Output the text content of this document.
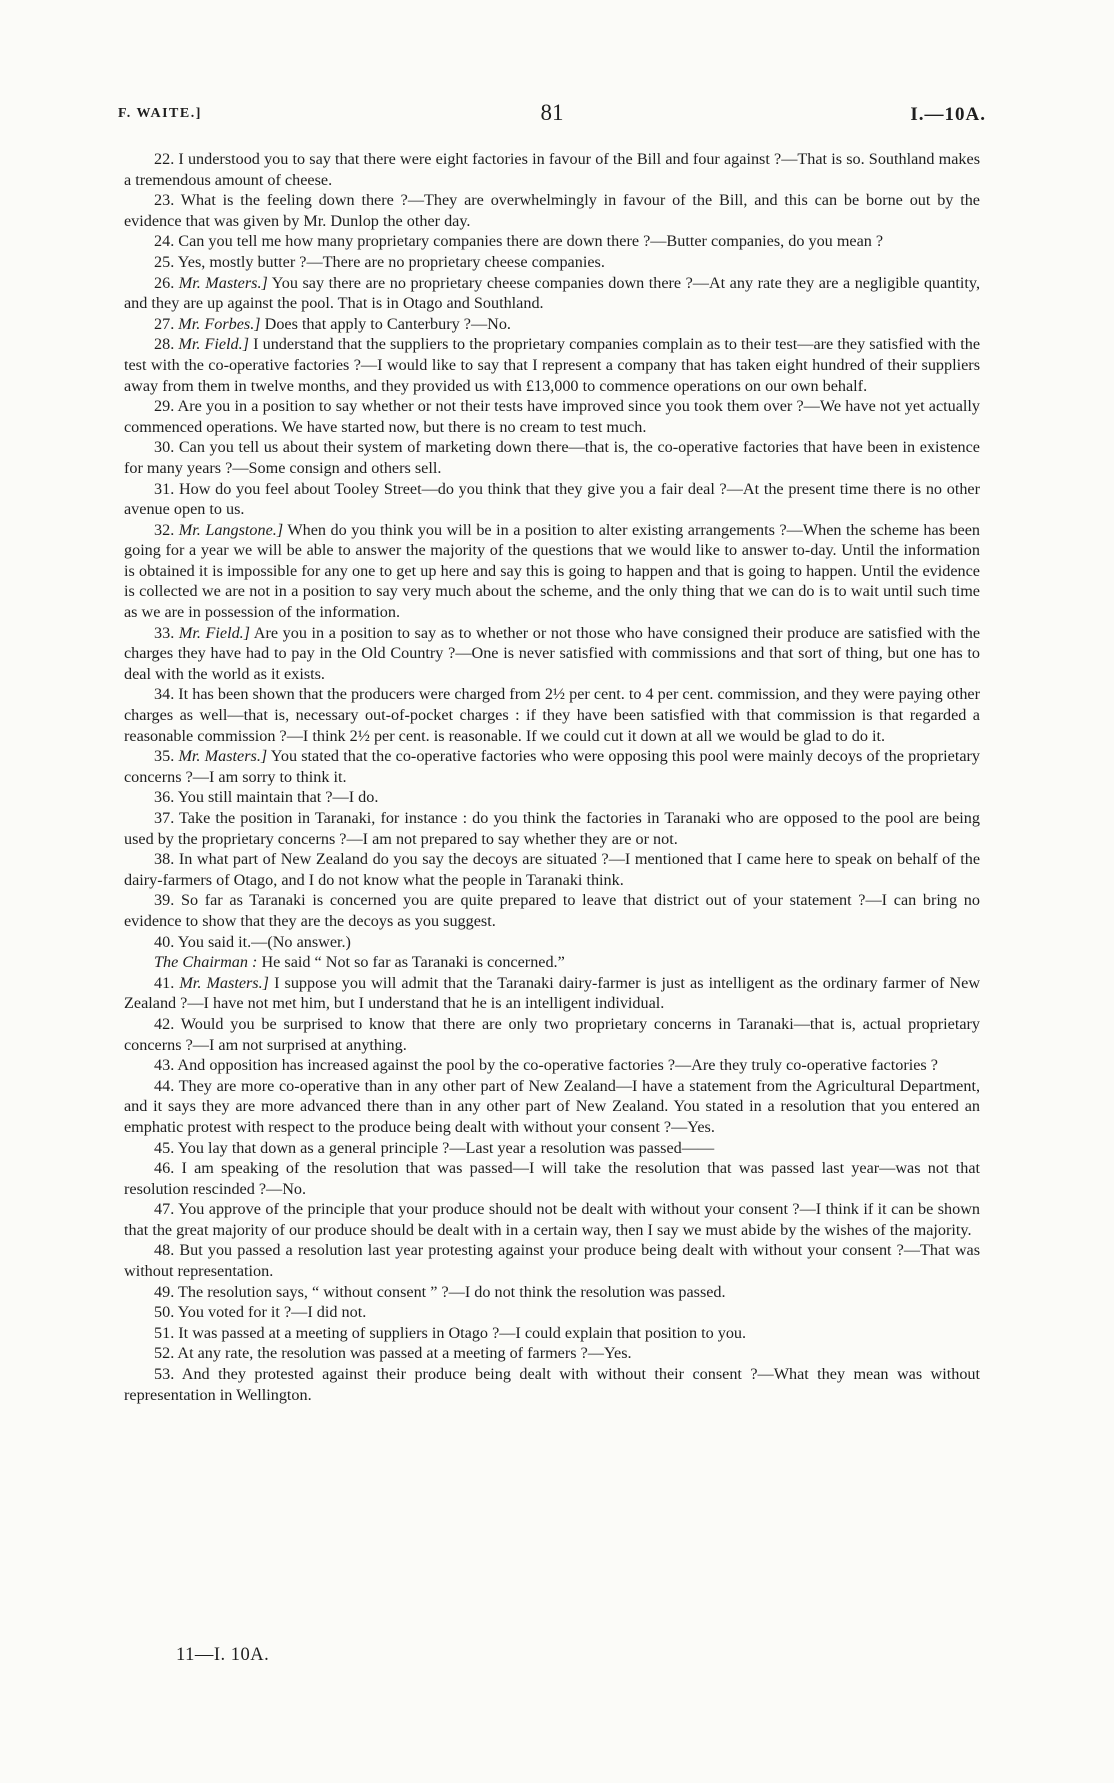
F. WAITE.]	81	I.—10A.

22. I understood you to say that there were eight factories in favour of the Bill and four against ?—That is so. Southland makes a tremendous amount of cheese.

23. What is the feeling down there ?—They are overwhelmingly in favour of the Bill, and this can be borne out by the evidence that was given by Mr. Dunlop the other day.

24. Can you tell me how many proprietary companies there are down there ?—Butter companies, do you mean ?

25. Yes, mostly butter ?—There are no proprietary cheese companies.

26. Mr. Masters.] You say there are no proprietary cheese companies down there ?—At any rate they are a negligible quantity, and they are up against the pool. That is in Otago and Southland.

27. Mr. Forbes.] Does that apply to Canterbury ?—No.

28. Mr. Field.] I understand that the suppliers to the proprietary companies complain as to their test—are they satisfied with the test with the co-operative factories ?—I would like to say that I represent a company that has taken eight hundred of their suppliers away from them in twelve months, and they provided us with £13,000 to commence operations on our own behalf.

29. Are you in a position to say whether or not their tests have improved since you took them over ?—We have not yet actually commenced operations. We have started now, but there is no cream to test much.

30. Can you tell us about their system of marketing down there—that is, the co-operative factories that have been in existence for many years ?—Some consign and others sell.

31. How do you feel about Tooley Street—do you think that they give you a fair deal ?—At the present time there is no other avenue open to us.

32. Mr. Langstone.] When do you think you will be in a position to alter existing arrangements ?—When the scheme has been going for a year we will be able to answer the majority of the questions that we would like to answer to-day. Until the information is obtained it is impossible for any one to get up here and say this is going to happen and that is going to happen. Until the evidence is collected we are not in a position to say very much about the scheme, and the only thing that we can do is to wait until such time as we are in possession of the information.

33. Mr. Field.] Are you in a position to say as to whether or not those who have consigned their produce are satisfied with the charges they have had to pay in the Old Country ?—One is never satisfied with commissions and that sort of thing, but one has to deal with the world as it exists.

34. It has been shown that the producers were charged from 2½ per cent. to 4 per cent. commission, and they were paying other charges as well—that is, necessary out-of-pocket charges : if they have been satisfied with that commission is that regarded a reasonable commission ?—I think 2½ per cent. is reasonable. If we could cut it down at all we would be glad to do it.

35. Mr. Masters.] You stated that the co-operative factories who were opposing this pool were mainly decoys of the proprietary concerns ?—I am sorry to think it.

36. You still maintain that ?—I do.

37. Take the position in Taranaki, for instance : do you think the factories in Taranaki who are opposed to the pool are being used by the proprietary concerns ?—I am not prepared to say whether they are or not.

38. In what part of New Zealand do you say the decoys are situated ?—I mentioned that I came here to speak on behalf of the dairy-farmers of Otago, and I do not know what the people in Taranaki think.

39. So far as Taranaki is concerned you are quite prepared to leave that district out of your statement ?—I can bring no evidence to show that they are the decoys as you suggest.

40. You said it.—(No answer.)

The Chairman : He said “ Not so far as Taranaki is concerned.”

41. Mr. Masters.] I suppose you will admit that the Taranaki dairy-farmer is just as intelligent as the ordinary farmer of New Zealand ?—I have not met him, but I understand that he is an intelligent individual.

42. Would you be surprised to know that there are only two proprietary concerns in Taranaki—that is, actual proprietary concerns ?—I am not surprised at anything.

43. And opposition has increased against the pool by the co-operative factories ?—Are they truly co-operative factories ?

44. They are more co-operative than in any other part of New Zealand—I have a statement from the Agricultural Department, and it says they are more advanced there than in any other part of New Zealand. You stated in a resolution that you entered an emphatic protest with respect to the produce being dealt with without your consent ?—Yes.

45. You lay that down as a general principle ?—Last year a resolution was passed——

46. I am speaking of the resolution that was passed—I will take the resolution that was passed last year—was not that resolution rescinded ?—No.

47. You approve of the principle that your produce should not be dealt with without your consent ?—I think if it can be shown that the great majority of our produce should be dealt with in a certain way, then I say we must abide by the wishes of the majority.

48. But you passed a resolution last year protesting against your produce being dealt with without your consent ?—That was without representation.

49. The resolution says, “ without consent ” ?—I do not think the resolution was passed.

50. You voted for it ?—I did not.

51. It was passed at a meeting of suppliers in Otago ?—I could explain that position to you.

52. At any rate, the resolution was passed at a meeting of farmers ?—Yes.

53. And they protested against their produce being dealt with without their consent ?—What they mean was without representation in Wellington.

11—I. 10A.
